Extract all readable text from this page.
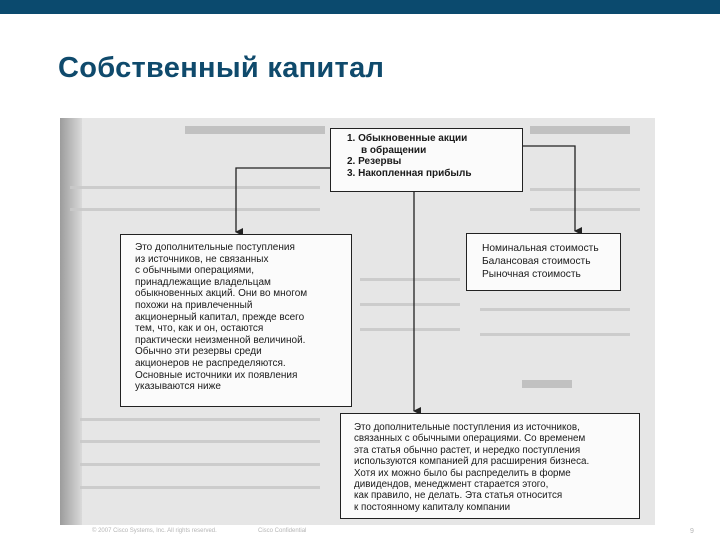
Собственный капитал
1. Обыкновенные акции
в обращении
2. Резервы
3. Накопленная прибыль
Это дополнительные поступления
из источников, не связанных
с обычными операциями,
принадлежащие владельцам
обыкновенных акций. Они во многом
похожи на привлеченный
акционерный капитал, прежде всего
тем, что, как и он, остаются
практически неизменной величиной.
Обычно эти резервы среди
акционеров не распределяются.
Основные источники их появления
указываются ниже
Номинальная стоимость
Балансовая стоимость
Рыночная стоимость
Это дополнительные поступления из источников,
связанных с обычными операциями. Со временем
эта статья обычно растет, и нередко поступления
используются компанией для расширения бизнеса.
Хотя их можно было бы распределить в форме
дивидендов, менеджмент старается этого,
как правило, не делать. Эта статья относится
к постоянному капиталу компании
© 2007 Cisco Systems, Inc. All rights reserved.	Cisco Confidential	9
